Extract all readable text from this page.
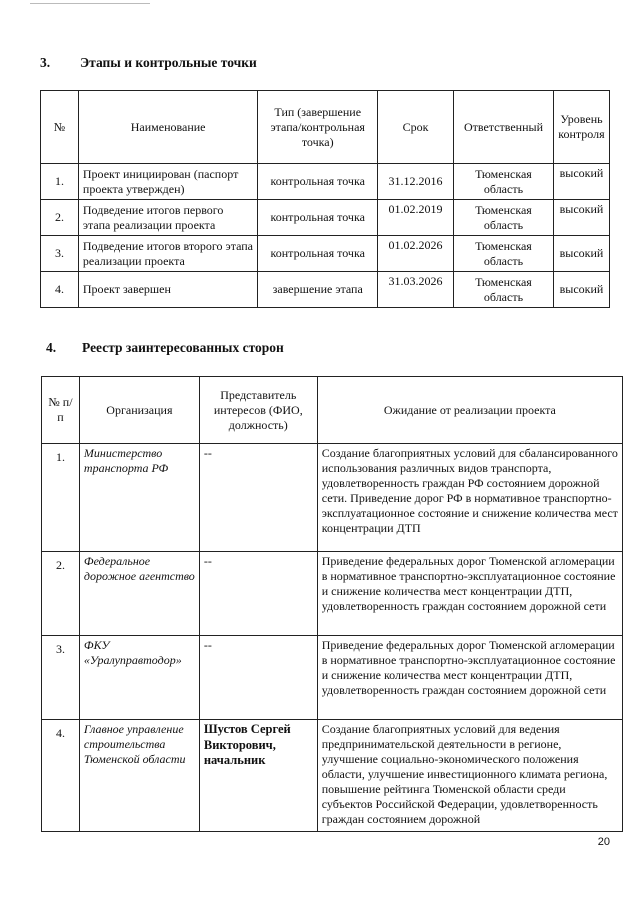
3. Этапы и контрольные точки
№	Наименование	Тип (завершение этапа/контрольная точка)	Срок	Ответственный	Уровень контроля
1.	Проект инициирован (паспорт проекта утвержден)	контрольная точка	31.12.2016	Тюменская область	высокий
2.	Подведение итогов первого этапа реализации проекта	контрольная точка	01.02.2019	Тюменская область	высокий
3.	Подведение итогов второго этапа реализации проекта	контрольная точка	01.02.2026	Тюменская область	высокий
4.	Проект завершен	завершение этапа	31.03.2026	Тюменская область	высокий
4. Реестр заинтересованных сторон
№ п/п	Организация	Представитель интересов (ФИО, должность)	Ожидание от реализации проекта
1.	Министерство транспорта РФ	--	Создание благоприятных условий для сбалансированного использования различных видов транспорта, удовлетворенность граждан РФ состоянием дорожной сети. Приведение дорог РФ в нормативное транспортно-эксплуатационное состояние и снижение количества мест концентрации ДТП
2.	Федеральное дорожное агентство	--	Приведение федеральных дорог Тюменской агломерации в нормативное транспортно-эксплуатационное состояние и снижение количества мест концентрации ДТП, удовлетворенность граждан состоянием дорожной сети
3.	ФКУ «Уралуправтодор»	--	Приведение федеральных дорог Тюменской агломерации в нормативное транспортно-эксплуатационное состояние и снижение количества мест концентрации ДТП, удовлетворенность граждан состоянием дорожной сети
4.	Главное управление строительства Тюменской области	Шустов Сергей Викторович, начальник	Создание благоприятных условий для ведения предпринимательской деятельности в регионе, улучшение социально-экономического положения области, улучшение инвестиционного климата региона, повышение рейтинга Тюменской области среди субъектов Российской Федерации, удовлетворенность граждан состоянием дорожной
20
